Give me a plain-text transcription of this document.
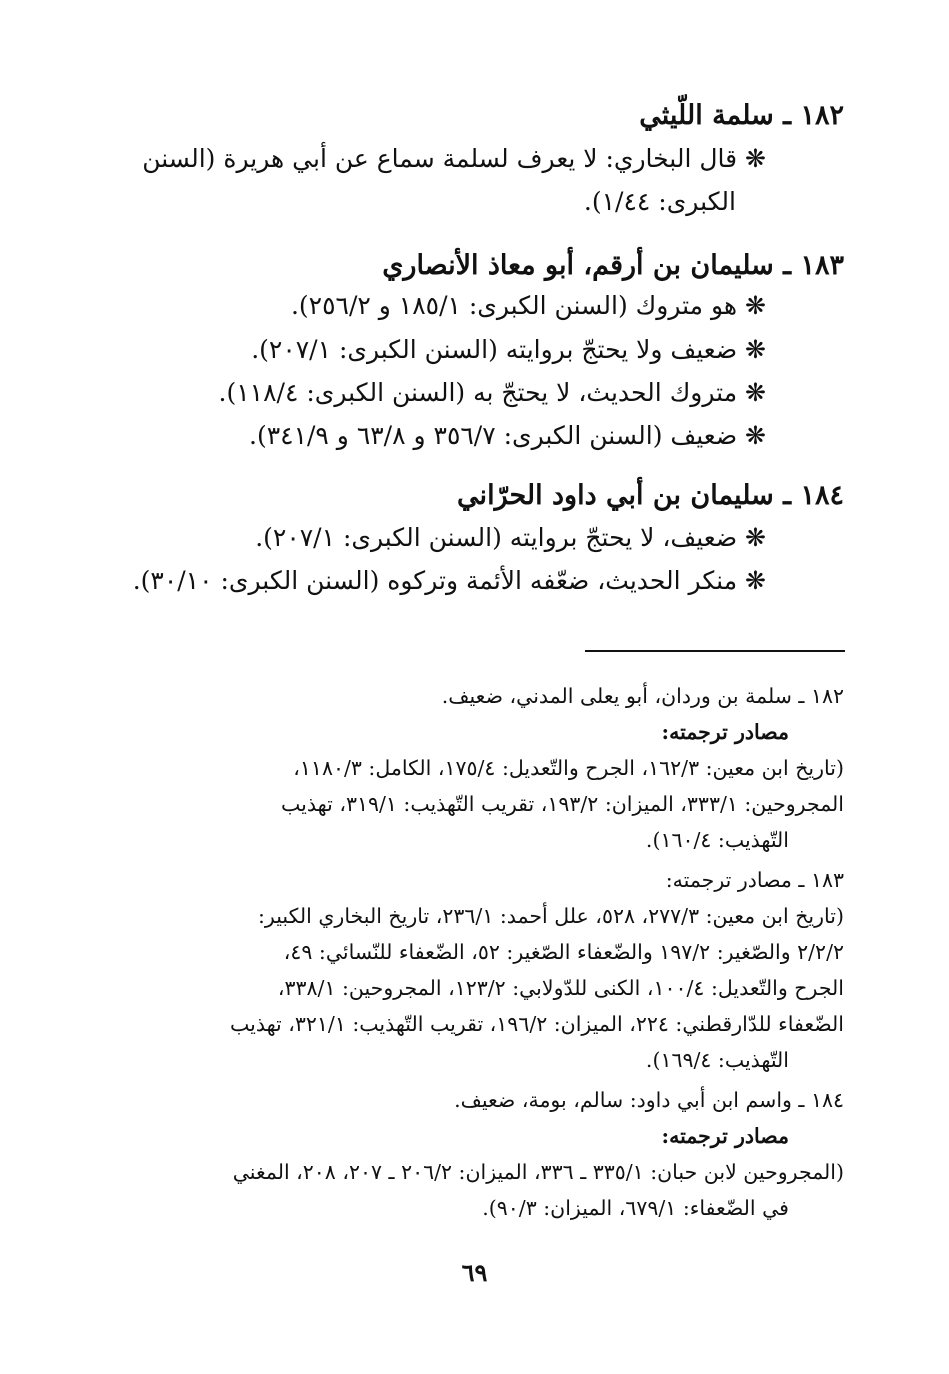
١٨٢ ـ سلمة اللّيثي
❋ قال البخاري: لا يعرف لسلمة سماع عن أبي هريرة (السنن
الكبرى: ١/٤٤).
١٨٣ ـ سليمان بن أرقم، أبو معاذ الأنصاري
❋ هو متروك (السنن الكبرى: ١٨٥/١ و ٢٥٦/٢).
❋ ضعيف ولا يحتجّ بروايته (السنن الكبرى: ٢٠٧/١).
❋ متروك الحديث، لا يحتجّ به (السنن الكبرى: ١١٨/٤).
❋ ضعيف (السنن الكبرى: ٣٥٦/٧ و ٦٣/٨ و ٣٤١/٩).
١٨٤ ـ سليمان بن أبي داود الحرّاني
❋ ضعيف، لا يحتجّ بروايته (السنن الكبرى: ٢٠٧/١).
❋ منكر الحديث، ضعّفه الأئمة وتركوه (السنن الكبرى: ٣٠/١٠).
١٨٢ ـ سلمة بن وردان، أبو يعلى المدني، ضعيف.
مصادر ترجمته:
(تاريخ ابن معين: ١٦٢/٣، الجرح والتّعديل: ١٧٥/٤، الكامل: ١١٨٠/٣،
المجروحين: ٣٣٣/١، الميزان: ١٩٣/٢، تقريب التّهذيب: ٣١٩/١، تهذيب
التّهذيب: ١٦٠/٤).
١٨٣ ـ مصادر ترجمته:
(تاريخ ابن معين: ٢٧٧/٣، ٥٢٨، علل أحمد: ٢٣٦/١، تاريخ البخاري الكبير:
٢/٢/٢ والصّغير: ١٩٧/٢ والضّعفاء الصّغير: ٥٢، الضّعفاء للنّسائي: ٤٩،
الجرح والتّعديل: ١٠٠/٤، الكنى للدّولابي: ١٢٣/٢، المجروحين: ٣٣٨/١،
الضّعفاء للدّارقطني: ٢٢٤، الميزان: ١٩٦/٢، تقريب التّهذيب: ٣٢١/١، تهذيب
التّهذيب: ١٦٩/٤).
١٨٤ ـ واسم ابن أبي داود: سالم، بومة، ضعيف.
مصادر ترجمته:
(المجروحين لابن حبان: ٣٣٥/١ ـ ٣٣٦، الميزان: ٢٠٦/٢ ـ ٢٠٧، ٢٠٨، المغني
في الضّعفاء: ٦٧٩/١، الميزان: ٩٠/٣).
٦٩
